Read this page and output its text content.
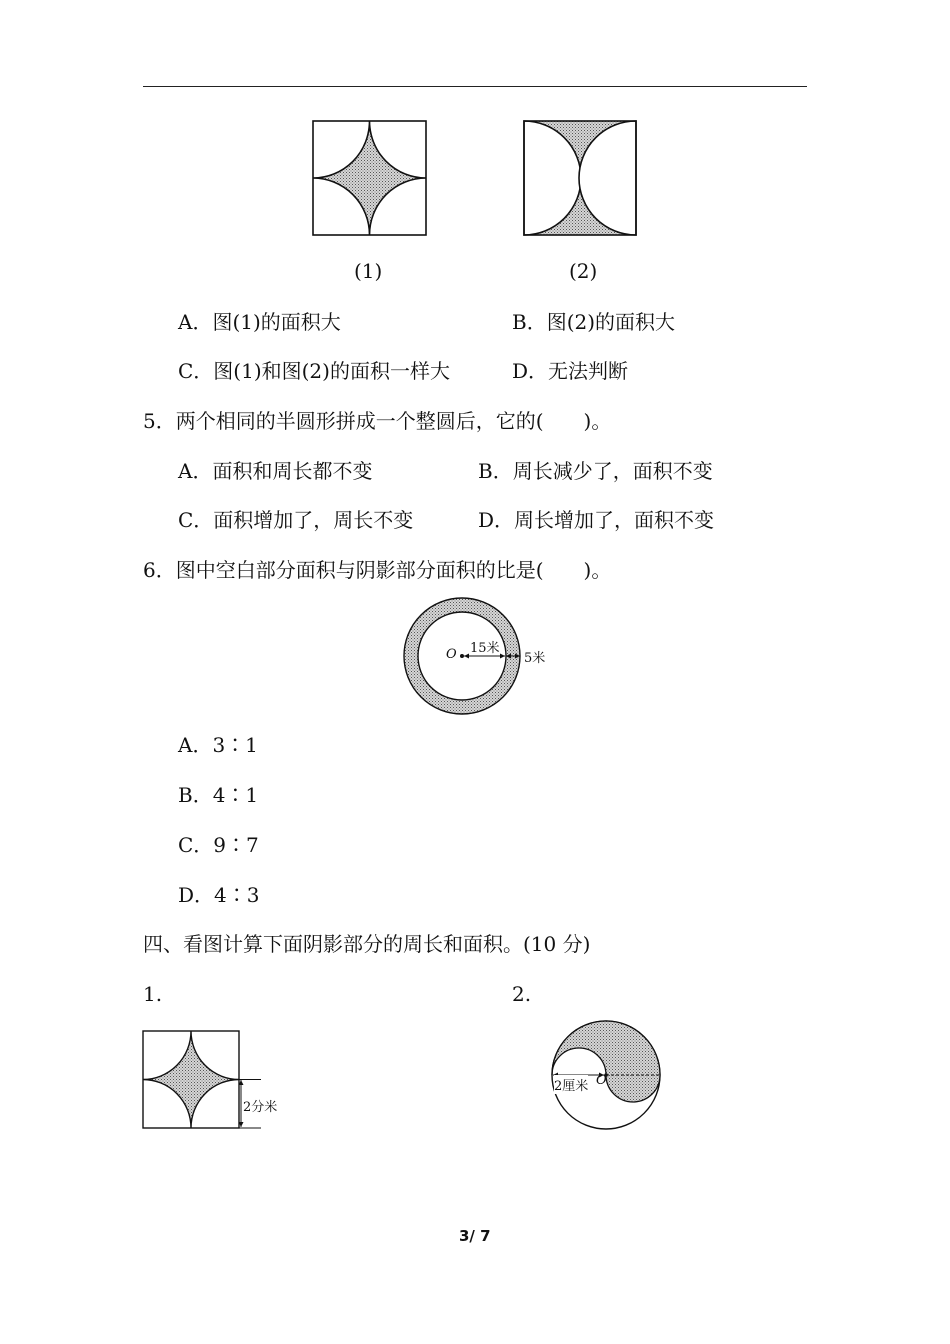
(1)	(2)
A．图(1)的面积大	B．图(2)的面积大
C．图(1)和图(2)的面积一样大	D．无法判断
5．两个相同的半圆形拼成一个整圆后，它的(　　)。
A．面积和周长都不变	B．周长减少了，面积不变
C．面积增加了，周长不变	D．周长增加了，面积不变
6．图中空白部分面积与阴影部分面积的比是(　　)。
O 15米
5米
A．3∶1
B．4∶1
C．9∶7
D．4∶3
四、看图计算下面阴影部分的周长和面积。(10 分)
1.	2.
2分米
2厘米 O
3/ 7
